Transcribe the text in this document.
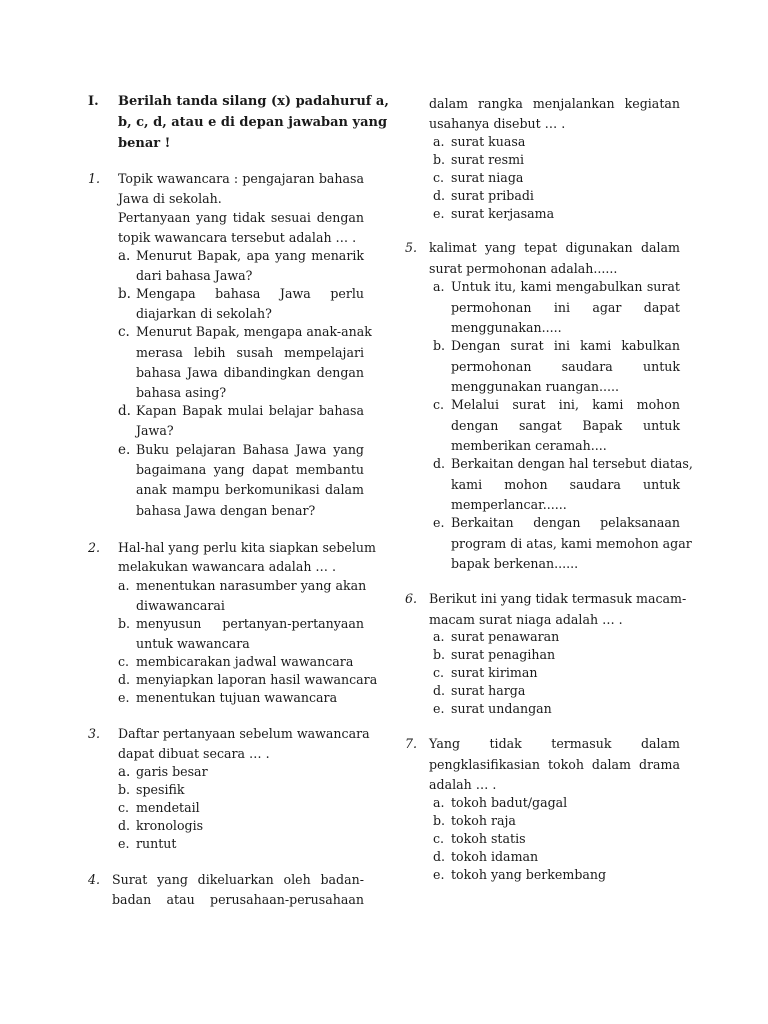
I. Berilah tanda silang (x) padahuruf a,
b, c, d, atau e di depan jawaban yang
benar !
1. Topik wawancara : pengajaran bahasa
Jawa di sekolah.
Pertanyaan yang tidak sesuai dengan
topik wawancara tersebut adalah … .
a. Menurut Bapak, apa yang menarik
dari bahasa Jawa?
b. Mengapa bahasa Jawa perlu
diajarkan di sekolah?
c. Menurut Bapak, mengapa anak-anak
merasa lebih susah mempelajari
bahasa Jawa dibandingkan dengan
bahasa asing?
d. Kapan Bapak mulai belajar bahasa
Jawa?
e. Buku pelajaran Bahasa Jawa yang
bagaimana yang dapat membantu
anak mampu berkomunikasi dalam
bahasa Jawa dengan benar?
2. Hal-hal yang perlu kita siapkan sebelum
melakukan wawancara adalah … .
a. menentukan narasumber yang akan
diwawancarai
b. menyusun pertanyan-pertanyaan
untuk wawancara
c. membicarakan jadwal wawancara
d. menyiapkan laporan hasil wawancara
e. menentukan tujuan wawancara
3. Daftar pertanyaan sebelum wawancara
dapat dibuat secara … .
a. garis besar
b. spesifik
c. mendetail
d. kronologis
e. runtut
4. Surat yang dikeluarkan oleh badan-
badan atau perusahaan-perusahaan
dalam rangka menjalankan kegiatan
usahanya disebut … .
a. surat kuasa
b. surat resmi
c. surat niaga
d. surat pribadi
e. surat kerjasama
5. kalimat yang tepat digunakan dalam
surat permohonan adalah......
a. Untuk itu, kami mengabulkan surat
permohonan ini agar dapat
menggunakan.....
b. Dengan surat ini kami kabulkan
permohonan saudara untuk
menggunakan ruangan.....
c. Melalui surat ini, kami mohon
dengan sangat Bapak untuk
memberikan ceramah....
d. Berkaitan dengan hal tersebut diatas,
kami mohon saudara untuk
memperlancar......
e. Berkaitan dengan pelaksanaan
program di atas, kami memohon agar
bapak berkenan......
6. Berikut ini yang tidak termasuk macam-
macam surat niaga adalah … .
a. surat penawaran
b. surat penagihan
c. surat kiriman
d. surat harga
e. surat undangan
7. Yang tidak termasuk dalam
pengklasifikasian tokoh dalam drama
adalah … .
a. tokoh badut/gagal
b. tokoh raja
c. tokoh statis
d. tokoh idaman
e. tokoh yang berkembang
